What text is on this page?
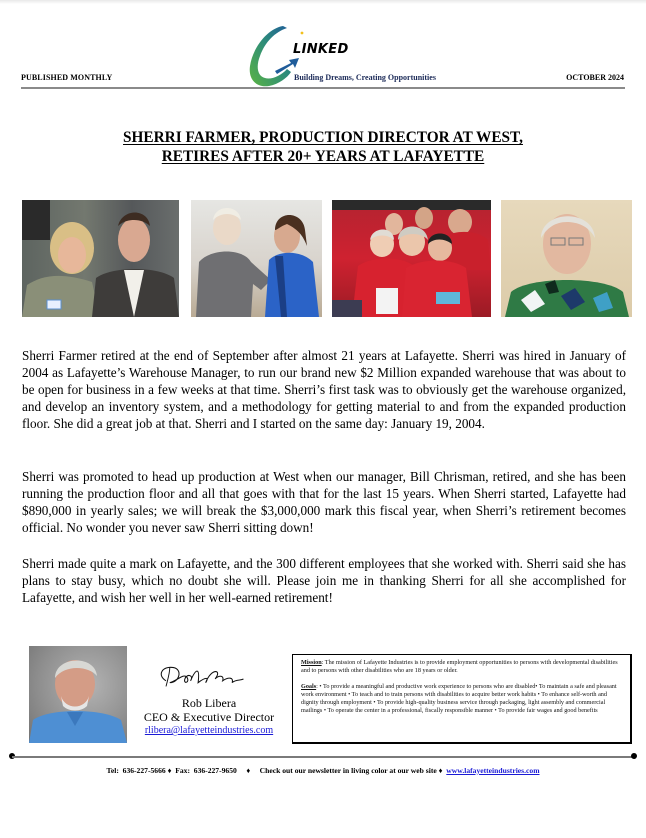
PUBLISHED MONTHLY
LINKED
Building Dreams, Creating Opportunities	OCTOBER 2024
SHERRI FARMER, PRODUCTION DIRECTOR AT WEST,
RETIRES AFTER 20+ YEARS AT LAFAYETTE

Sherri Farmer retired at the end of September after almost 21 years at Lafayette. Sherri was hired in January of 2004 as Lafayette’s Warehouse Manager, to run our brand new $2 Million expanded warehouse that was about to be open for business in a few weeks at that time. Sherri’s first task was to obviously get the warehouse organized, and develop an inventory system, and a methodology for getting material to and from the expanded production floor. She did a great job at that. Sherri and I started on the same day: January 19, 2004.

Sherri was promoted to head up production at West when our manager, Bill Chrisman, retired, and she has been running the production floor and all that goes with that for the last 15 years. When Sherri started, Lafayette had $890,000 in yearly sales; we will break the $3,000,000 mark this fiscal year, when Sherri’s retirement becomes official. No wonder you never saw Sherri sitting down!

Sherri made quite a mark on Lafayette, and the 300 different employees that she worked with. Sherri said she has plans to stay busy, which no doubt she will. Please join me in thanking Sherri for all she accomplished for Lafayette, and wish her well in her well-earned retirement!

Rob Libera
CEO & Executive Director
rlibera@lafayetteindustries.com
Mission: The mission of Lafayette Industries is to provide employment opportunities to persons with developmental disabilities and to persons with other disabilities who are 18 years or older.
Goals: • To provide a meaningful and productive work experience to persons who are disabled• To maintain a safe and pleasant work environment • To teach and to train persons with disabilities to acquire better work habits • To enhance self-worth and dignity through employment • To provide high-quality business service through packaging, light assembly and commercial mailings • To operate the center in a professional, fiscally responsible manner • To provide fair wages and good benefits
Tel:  636-227-5666 ♦  Fax:  636-227-9650     ♦     Check out our newsletter in living color at our web site ♦  www.lafayetteindustries.com
